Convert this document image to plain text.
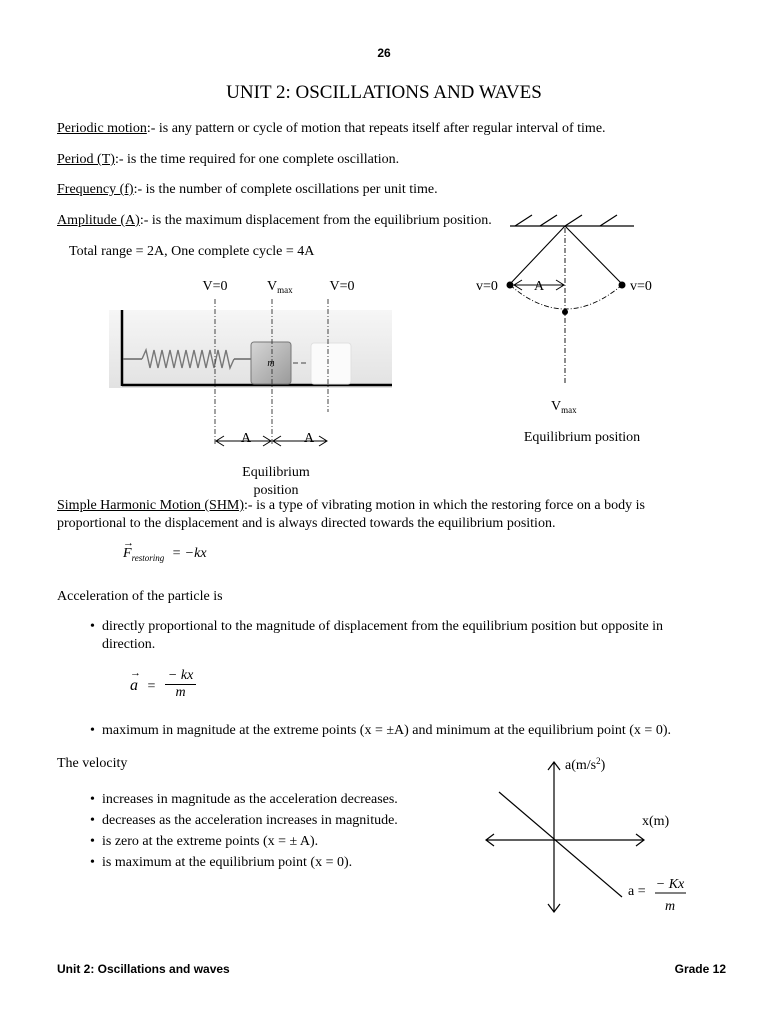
26
UNIT 2: OSCILLATIONS AND WAVES
Periodic motion:- is any pattern or cycle of motion that repeats itself after regular interval of time.
Period (T):- is the time required for one complete oscillation.
Frequency (f):- is the number of complete oscillations per unit time.
Amplitude (A):- is the maximum displacement from the equilibrium position.
Total range = 2A, One complete cycle = 4A
m
V=0	$V_{max}$	V=0
A	A
Equilibrium
position
v=0	A	v=0
$V_{max}$
Equilibrium position
Simple Harmonic Motion (SHM):- is a type of vibrating motion in which the restoring force on a body is
proportional to the displacement and is always directed towards the equilibrium position.
→
$F_{restoring} = -kx$
Acceleration of the particle is
• directly proportional to the magnitude of displacement from the equilibrium position but opposite in
direction.
→
$a = \frac{- kx}{m}$
• maximum in magnitude at the extreme points (x = ±A) and minimum at the equilibrium point (x = 0).
The velocity
• increases in magnitude as the acceleration decreases.
• decreases as the acceleration increases in magnitude.
• is zero at the extreme points (x = ± A).
• is maximum at the equilibrium point (x = 0).
$a(m/s^2)$
x(m)
a = − Kx
m
Unit 2: Oscillations and waves	Grade 12
